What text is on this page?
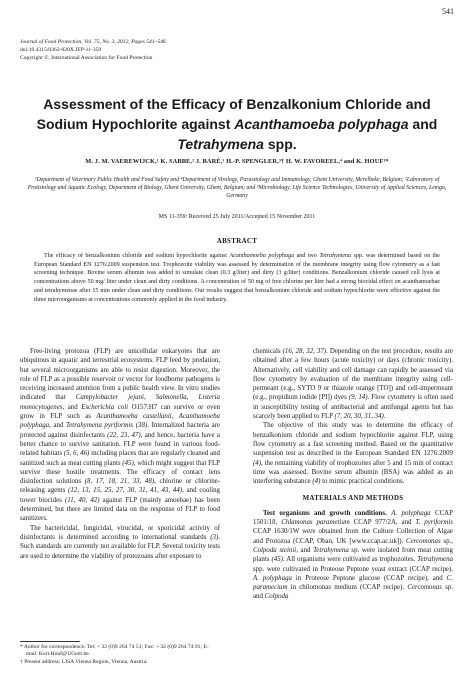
541
Journal of Food Protection, Vol. 75, No. 3, 2012, Pages 541–546
doi:10.4315/0362-028X.JFP-11-359
Copyright ©, International Association for Food Protection
Assessment of the Efficacy of Benzalkonium Chloride and Sodium Hypochlorite against Acanthamoeba polyphaga and Tetrahymena spp.
M. J. M. VAEREWIJCK,¹ K. SABBE,² J. BARÉ,¹ H.-P. SPENGLER,³† H. W. FAVOREEL,⁴ and K. HOUF¹*
¹Department of Veterinary Public Health and Food Safety and ⁴Department of Virology, Parasitology and Immunology, Ghent University, Merelbeke, Belgium; ²Laboratory of Protistology and Aquatic Ecology, Department of Biology, Ghent University, Ghent, Belgium; and ³Microbiology, Life Science Technologies, University of Applied Sciences, Lemgo, Germany
MS 11-359: Received 25 July 2011/Accepted 15 November 2011
ABSTRACT

The efficacy of benzalkonium chloride and sodium hypochlorite against Acanthamoeba polyphaga and two Tetrahymena spp. was determined based on the European Standard EN 1276:2009 suspension test. Trophozoite viability was assessed by determination of the membrane integrity using flow cytometry as a fast screening technique. Bovine serum albumin was added to simulate clean (0.3 g/liter) and dirty (3 g/liter) conditions. Benzalkonium chloride caused cell lysis at concentrations above 50 mg/ liter under clean and dirty conditions. A concentration of 50 mg of free chlorine per liter had a strong biocidal effect on acanthamoebae and tetrahymenae after 15 min under clean and dirty conditions. Our results suggest that benzalkonium chloride and sodium hypochlorite were effective against the three microorganisms at concentrations commonly applied in the food industry.

Free-living protozoa (FLP) are unicellular eukaryotes that are ubiquitous in aquatic and terrestrial ecosystems. FLP feed by predation, but several microorganisms are able to resist digestion. Moreover, the role of FLP as a possible reservoir or vector for foodborne pathogens is receiving increased attention from a public health view. In vitro studies indicated that Campylobacter jejuni, Salmonella, Listeria monocytogenes, and Escherichia coli O157:H7 can survive or even grow in FLP such as Acanthamoeba castellanii, Acanthamoeba polyphaga, and Tetrahymena pyriformis (38). Internalized bacteria are protected against disinfectants (22, 23, 47), and hence, bacteria have a better chance to survive sanitation. FLP were found in various food-related habitats (5, 6, 46) including places that are regularly cleaned and sanitized such as meat cutting plants (45), which might suggest that FLP survive these hostile treatments. The efficacy of contact lens disinfection solutions (8, 17, 18, 21, 33, 48), chlorine or chlorine-releasing agents (12, 13, 15, 25, 27, 30, 31, 41, 43, 44), and cooling tower biocides (11, 40, 42) against FLP (mainly amoebae) has been determined, but there are limited data on the response of FLP to food sanitizers.

The bactericidal, fungicidal, virucidal, or sporicidal activity of disinfectants is determined according to international standards (3). Such standards are currently not available for FLP. Several toxicity tests are used to determine the viability of protozoans after exposure to

chemicals (16, 28, 32, 37). Depending on the test procedure, results are obtained after a few hours (acute toxicity) or days (chronic toxicity). Alternatively, cell viability and cell damage can rapidly be assessed via flow cytometry by evaluation of the membrane integrity using cell-permeant (e.g., SYTO 9 or thiazole orange [TO]) and cell-impermeant (e.g., propidium iodide [PI]) dyes (9, 14). Flow cytometry is often used in susceptibility testing of antibacterial and antifungal agents but has scarcely been applied to FLP (7, 20, 30, 31, 34).

The objective of this study was to determine the efficacy of benzalkonium chloride and sodium hypochlorite against FLP, using flow cytometry as a fast screening method. Based on the quantitative suspension test as described in the European Standard EN 1276:2009 (4), the remaining viability of trophozoites after 5 and 15 min of contact time was assessed. Bovine serum albumin (BSA) was added as an interfering substance (4) to mimic practical conditions.

MATERIALS AND METHODS

Test organisms and growth conditions. A. polyphaga CCAP 1501/18, Chlamonas parametium CCAP 977/2A, and T. pyriformis CCAP 1630/1W were obtained from the Culture Collection of Algae and Protozoa (CCAP, Oban, UK [www.ccap.ac.uk]). Cercomonas sp., Colpoda steinii, and Tetrahymena sp. were isolated from meat cutting plants (45). All organisms were cultivated as trophozoites. Tetrahymena spp. were cultivated in Proteose Peptone yeast extract (CCAP recipe). A. polyphaga in Proteose Peptone glucose (CCAP recipe), and C. paramecium in chilomonas medium (CCAP recipe). Cercomonas sp. and Colpoda

* Author for correspondence. Tel: + 32 (0)9 264 74 51; Fax: + 32 (0)9 264 74 91; E-mail: Kurt.Houf@UGent.be.
† Present address: LISA Vienna Region, Vienna, Austria.
